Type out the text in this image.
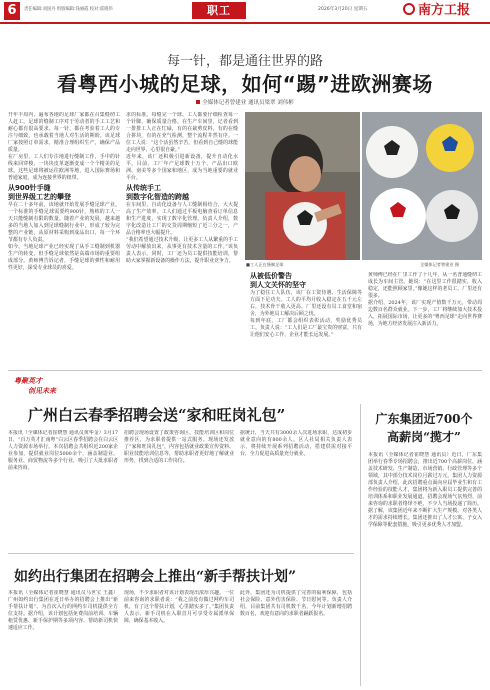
6	责任编辑:刘国丹 组版编辑:钱丽霞 校对:霍晓伟	职工	2026年3月20日 星期五	南方工报
每一针，都是通往世界的路
看粤西小城的足球，如何“踢”进欧洲赛场
全媒体记者曾建业 通讯员梁翠 刘伟彬

开年丰周内，遍布各地的足球厂家都在召集缝纫工人赶工。足球的缝制工序对于劳动者的手工工艺和耐心都有很高要求。每一针，都在考验着工人的专注与细致，也承载着当地人对生活的期盼。该足球厂家按照订单需求，精准合理组织生产，确保产品质量。

在厂房里，工人们专注地进行缝制工作，手中的针线来回穿梭，一块块皮革逐渐变成一个个精美的足球。这些足球将被运往欧洲等地，进入国际赛场和普通家庭，成为连接世界的纽带。

从900针手缝
到世界级工艺的攀登

早在二十多年前，该地就开始发展手缝足球产业。一个标准的手缝足球需要约900针，熟练的工人一天只能缝制有限的数量。随着产业的发展，越来越多的当地人加入到足球缝制行业中，形成了较为完整的产业链，从原材料采购到成品出口，每一个环节都有专人负责。

如今，当地足球产业已经实现了从手工缝制到机器生产的转变，但手缝足球依然是高端市场的重要组成部分。黄师傅告诉记者，手缝足球的弹性和耐用性更好，深受专业球员的喜爱。

求的标准。每缝完一个球，工人都要仔细检查每一个针脚，确保质量合格。在生产车间里，记者看到一排排工人正在忙碌，有的在裁剪皮料，有的在缝合拼块，有的在充气检测，整个流程井然有序。一位工人说：“这个活虽然辛苦，但看到自己缝的球能走向世界，心里很自豪。”

近年来，该厂还积极引进新设备，提升自动化水平。目前，工厂年产足球数十万个，产品出口欧洲、南美等多个国家和地区，成为当地重要的就业平台。

从传统手工
到数字化智造的跨越

在车间里，自动化设备与人工缝制相结合，大大提高了生产效率。工人们通过平板电脑查看订单信息和生产进度，实现了数字化管理。负责人介绍，数字化改造让工厂的交货周期缩短了近三分之一，产品合格率也大幅提升。

“我们希望通过技术升级，让更多工人从繁重的手工劳动中解放出来，从事更有技术含量的工作。”该负责人表示。同时，工厂还为员工提供技能培训，帮助大家掌握新设备的操作方法，提升职业竞争力。

■工人正在缝制足球	全媒体记者曾建业 摄
从被低价警告
到人文关怀的坚守

为了稳住工人队伍，该厂在工资待遇、生活保障等方面下足功夫。工人的平均月收入稳定在五千元左右，技术骨干收入更高。厂里还设有员工食堂和宿舍，为外地员工解决后顾之忧。

每到年底，工厂都会组织表彰活动，奖励优秀员工。负责人说：“工人们是工厂最宝贵的财富，只有让他们安心工作，企业才能长远发展。”

黄师傅已经在厂里工作了十几年，从一名普通缝纫工成长为车间主管。她说：“在这里工作很踏实，收入稳定，还能照顾家里。”像她这样的老员工，厂里还有很多。

据介绍，2024年，该厂实现产值数千万元，带动周边数百名群众就业。下一步，工厂将继续加大技术投入，拓展国际市场，让更多的“粤西足球”走向世界赛场，为地方经济发展注入新活力。

粤聚英才
创见未来
广州白云春季招聘会送“家和旺岗礼包”
本报讯（全媒体记者崔晓慧 通讯员黄华金）3月17日，“百万英才汇南粤”白云区春季招聘会在白云区人力资源市场举行。本次招聘会共组织近200家企业参加，提供就业岗位5000余个，涵盖制造业、服务业、商贸物流等多个行业，吸引了大批求职者前来咨询。
招聘会现场设置了政策咨询区、技能培训区和岗位推荐区，为求职者提供一站式服务。现场还发放了“家和旺岗礼包”，内容包括就业政策宣传资料、职业技能培训信息等，帮助求职者更好地了解就业形势，找到合适的工作岗位。
据统计，当天共有3000余人次进场求职，达成初步就业意向的有800余人。区人社局相关负责人表示，将持续开展系列招聘活动，搭建供需对接平台，全力促进高质量充分就业。
如约出行集团在招聘会上推出“新手帮扶计划”
本报讯（全媒体记者崔晓慧 通讯员马世宝 王鑫）广州如约出行集团在近日举办的招聘会上推出“新手帮扶计划”，为首次入行的网约车司机提供全方位支持。据介绍，该计划包括免费岗前培训、车辆租赁优惠、新手保护期等多项内容，帮助新司机快速适应工作。
现场，不少求职者对该计划表现出浓厚兴趣。一位前来咨询的求职者说：“我之前没有做过网约车司机，有了这个帮扶计划，心里踏实多了。”集团负责人表示，新手司机在入职首月可享受专属派单保障，确保基本收入。
此外，集团还为司机提供了完善的福利保障，包括社会保险、意外伤害保险、节日慰问等。负责人介绍，目前集团共有司机数千名，今年计划新增招聘数百名，欢迎有意向的求职者踊跃报名。
广东集团近700个
高薪岗“揽才”
本报讯（全媒体记者崔晓慧 通讯员）近日，广东集团举行春季专场招聘会，推出近700个高薪岗位，涵盖技术研发、生产制造、市场营销、行政管理等多个领域，其中部分技术岗位月薪过万元。集团人力资源部负责人介绍，此次招聘重点面向应届毕业生和有工作经验的技能人才，集团将为新入职员工提供完善的培训体系和职业发展通道。招聘会现场气氛热烈，前来咨询的求职者络绎不绝，不少人当场投递了简历。据了解，该集团近年来不断扩大生产规模，对各类人才的需求持续增长。集团还推出了人才公寓、子女入学保障等配套措施，吸引更多优秀人才加盟。
